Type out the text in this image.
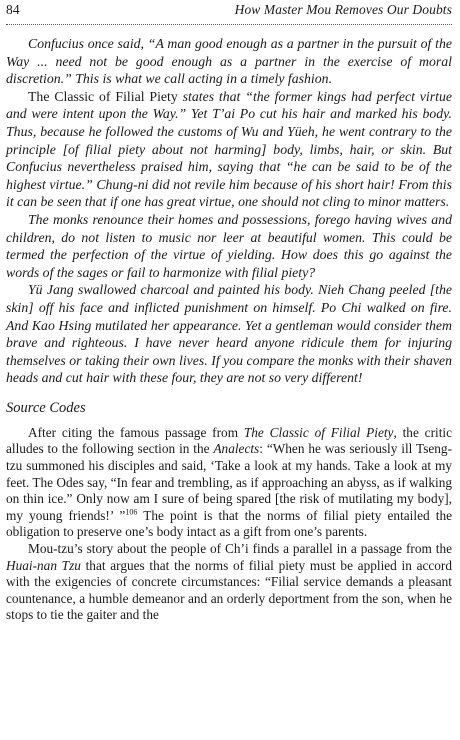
84	How Master Mou Removes Our Doubts

Confucius once said, “A man good enough as a partner in the pursuit of the Way ... need not be good enough as a partner in the exercise of moral discretion.” This is what we call acting in a timely fashion.

The Classic of Filial Piety states that “the former kings had perfect virtue and were intent upon the Way.” Yet T’ai Po cut his hair and marked his body. Thus, because he followed the customs of Wu and Yüeh, he went contrary to the principle [of filial piety about not harming] body, limbs, hair, or skin. But Confucius nevertheless praised him, saying that “he can be said to be of the highest virtue.” Chung-ni did not revile him because of his short hair! From this it can be seen that if one has great virtue, one should not cling to minor matters.

The monks renounce their homes and possessions, forego having wives and children, do not listen to music nor leer at beautiful women. This could be termed the perfection of the virtue of yielding. How does this go against the words of the sages or fail to harmonize with filial piety?

Yü Jang swallowed charcoal and painted his body. Nieh Chang peeled [the skin] off his face and inflicted punishment on himself. Po Chi walked on fire. And Kao Hsing mutilated her appearance. Yet a gentleman would consider them brave and righteous. I have never heard anyone ridicule them for injuring themselves or taking their own lives. If you compare the monks with their shaven heads and cut hair with these four, they are not so very different!

Source Codes

After citing the famous passage from The Classic of Filial Piety, the critic alludes to the following section in the Analects: “When he was seriously ill Tseng-tzu summoned his disciples and said, ‘Take a look at my hands. Take a look at my feet. The Odes say, “In fear and trembling, as if approaching an abyss, as if walking on thin ice.” Only now am I sure of being spared [the risk of mutilating my body], my young friends!’ ”$^{106}$ The point is that the norms of filial piety entailed the obligation to preserve one’s body intact as a gift from one’s parents.

Mou-tzu’s story about the people of Ch’i finds a parallel in a passage from the Huai-nan Tzu that argues that the norms of filial piety must be applied in accord with the exigencies of concrete circumstances: “Filial service demands a pleasant countenance, a humble demeanor and an orderly deportment from the son, when he stops to tie the gaiter and the
